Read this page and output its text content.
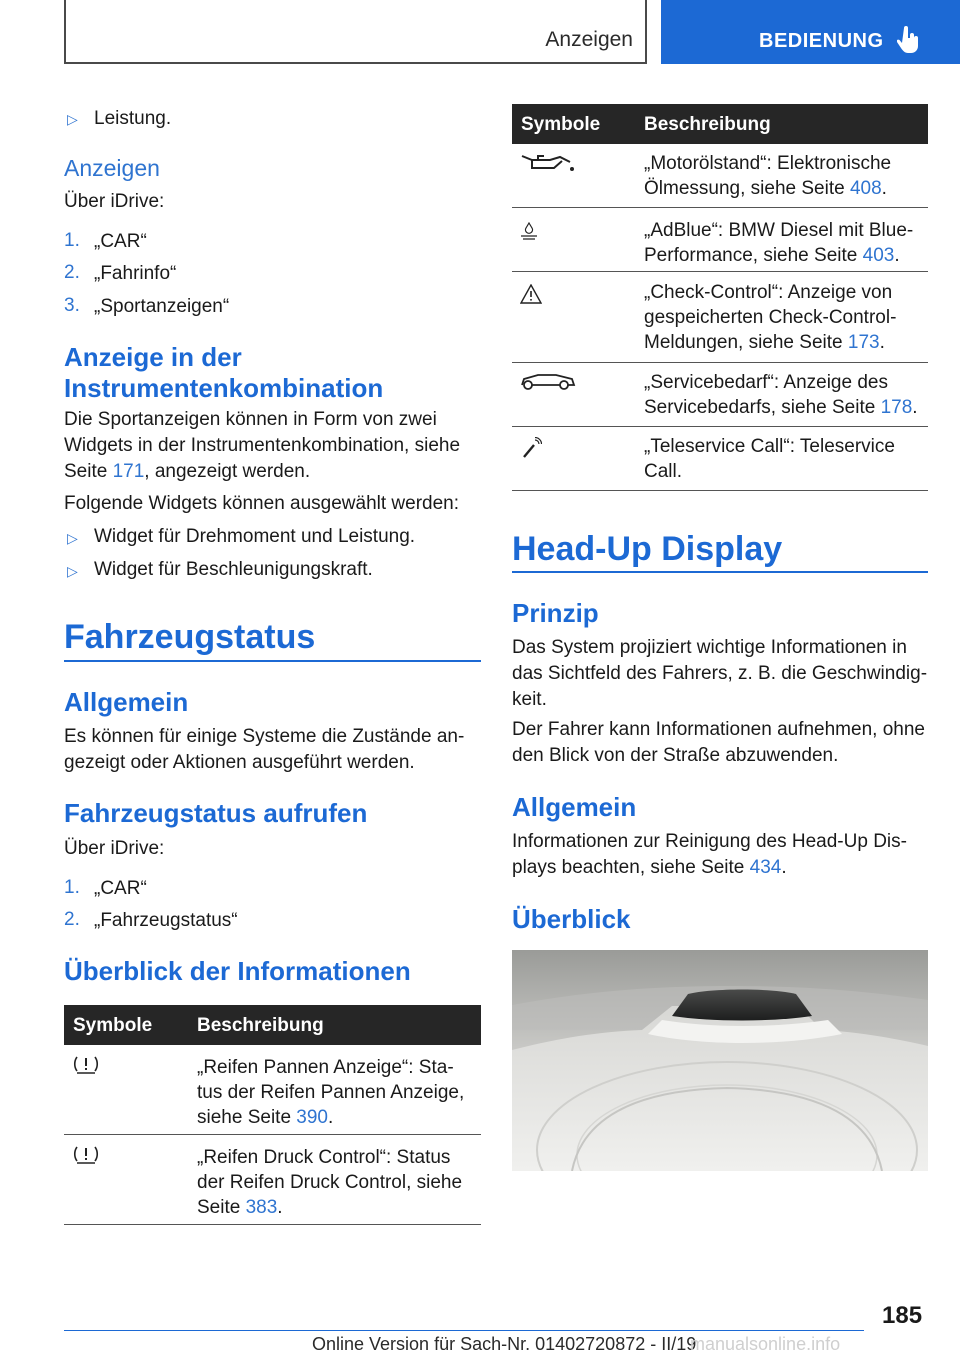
Anzeigen	BEDIENUNG
▷ Leistung.

Anzeigen

Über iDrive:

1. „CAR“

2. „Fahrinfo“

3. „Sportanzeigen“

Anzeige in der
Instrumentenkombination

Die Sportanzeigen können in Form von zwei Widgets in der Instrumentenkombination, siehe Seite 171, angezeigt werden.

Folgende Widgets können ausgewählt werden:

▷ Widget für Drehmoment und Leistung.

▷ Widget für Beschleunigungskraft.

Fahrzeugstatus
Allgemein

Es können für einige Systeme die Zustände an-gezeigt oder Aktionen ausgeführt werden.

Fahrzeugstatus aufrufen

Über iDrive:

1. „CAR“

2. „Fahrzeugstatus“

Überblick der Informationen
Symbole Beschreibung
„Reifen Pannen Anzeige“: Sta-tus der Reifen Pannen Anzeige, siehe Seite 390.
„Reifen Druck Control“: Status der Reifen Druck Control, siehe Seite 383.
Symbole Beschreibung
„Motorölstand“: Elektronische Ölmessung, siehe Seite 408.
„AdBlue“: BMW Diesel mit Blue-Performance, siehe Seite 403.
„Check-Control“: Anzeige von gespeicherten Check-Control-Meldungen, siehe Seite 173.
„Servicebedarf“: Anzeige des Servicebedarfs, siehe Seite 178.
„Teleservice Call“: Teleservice Call.
Head-Up Display
Prinzip

Das System projiziert wichtige Informationen in das Sichtfeld des Fahrers, z. B. die Geschwindig-keit.

Der Fahrer kann Informationen aufnehmen, ohne den Blick von der Straße abzuwenden.

Allgemein

Informationen zur Reinigung des Head-Up Dis-plays beachten, siehe Seite 434.

Überblick
185
Online Version für Sach-Nr. 01402720872 - II/19
manualsonline.info
